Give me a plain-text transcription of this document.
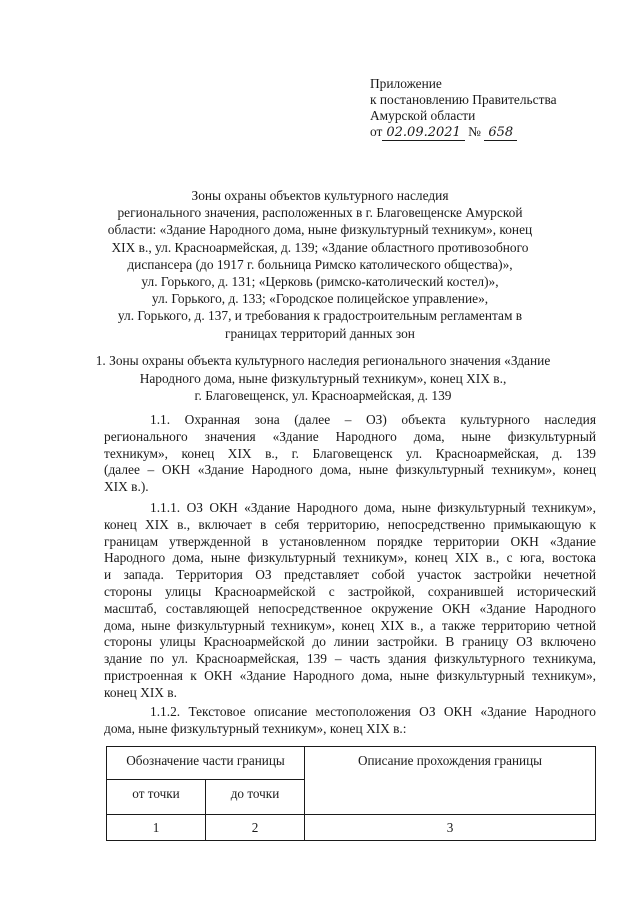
Приложение
к постановлению Правительства
Амурской области
от 02.09.2021 № 658
Зоны охраны объектов культурного наследия
регионального значения, расположенных в г. Благовещенске Амурской
области: «Здание Народного дома, ныне физкультурный техникум», конец
XIX в., ул. Красноармейская, д. 139; «Здание областного противозобного
диспансера (до 1917 г. больница Римско католического общества)»,
ул. Горького, д. 131; «Церковь (римско-католический костел)»,
ул. Горького, д. 133; «Городское полицейское управление»,
ул. Горького, д. 137, и требования к градостроительным регламентам в
границах территорий данных зон
1. Зоны охраны объекта культурного наследия регионального значения «Здание
Народного дома, ныне физкультурный техникум», конец XIX в.,
г. Благовещенск, ул. Красноармейская, д. 139
1.1. Охранная зона (далее – ОЗ) объекта культурного наследия
регионального значения «Здание Народного дома, ныне физкультурный
техникум», конец XIX в., г. Благовещенск ул. Красноармейская, д. 139
(далее – ОКН «Здание Народного дома, ныне физкультурный техникум», конец
XIX в.).
1.1.1. ОЗ ОКН «Здание Народного дома, ныне физкультурный техникум»,
конец XIX в., включает в себя территорию, непосредственно примыкающую к
границам утвержденной в установленном порядке территории ОКН «Здание
Народного дома, ныне физкультурный техникум», конец XIX в., с юга, востока
и запада. Территория ОЗ представляет собой участок застройки нечетной
стороны улицы Красноармейской с застройкой, сохранившей исторический
масштаб, составляющей непосредственное окружение ОКН «Здание Народного
дома, ныне физкультурный техникум», конец XIX в., а также территорию четной
стороны улицы Красноармейской до линии застройки. В границу ОЗ включено
здание по ул. Красноармейская, 139 – часть здания физкультурного техникума,
пристроенная к ОКН «Здание Народного дома, ныне физкультурный техникум»,
конец XIX в.
1.1.2. Текстовое описание местоположения ОЗ ОКН «Здание Народного
дома, ныне физкультурный техникум», конец XIX в.:
Обозначение части границы		Описание прохождения границы
от точки	до точки	
1	2	3
